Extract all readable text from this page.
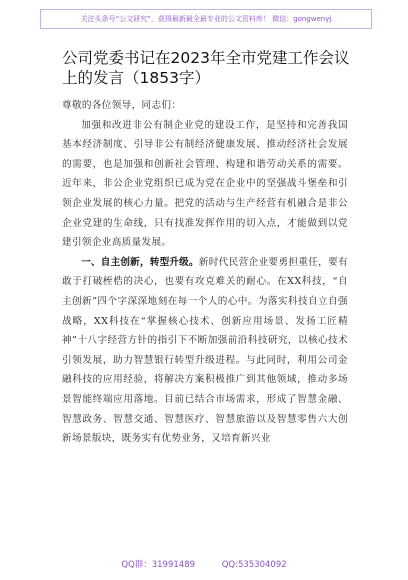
关注头条号“公文研究”，获得最新最全最专业的公文资料库！ 微信：gongwenyj
公司党委书记在2023年全市党建工作会议上的发言（1853字）

尊敬的各位领导，同志们：

加强和改进非公有制企业党的建设工作，是坚持和完善我国基本经济制度、引导非公有制经济健康发展、推动经济社会发展的需要，也是加强和创新社会管理、构建和谐劳动关系的需要。近年来，非公企业党组织已成为党在企业中的坚强战斗堡垒和引领企业发展的核心力量。把党的活动与生产经营有机融合是非公企业党建的生命线，只有找准发挥作用的切入点，才能做到以党建引领企业高质量发展。

一、自主创新，转型升级。新时代民营企业要勇担重任，要有敢于打破桎梏的决心，也要有攻克难关的耐心。在XX科技，“自主创新”四个字深深地刻在每一个人的心中。为落实科技自立自强战略，XX科技在“掌握核心技术、创新应用场景、发扬工匠精神”十八字经营方针的指引下不断加强前沿科技研究，以核心技术引领发展，助力智慧银行转型升级进程。与此同时，利用公司金融科技的应用经验，将解决方案积极推广到其他领域，推动多场景智能终端应用落地。目前已结合市场需求，形成了智慧金融、智慧政务、智慧交通、智慧医疗、智慧旅游以及智慧零售六大创新场景版块，既务实有优势业务，又培育新兴业

QQ群：31991489	QQ:535304092
